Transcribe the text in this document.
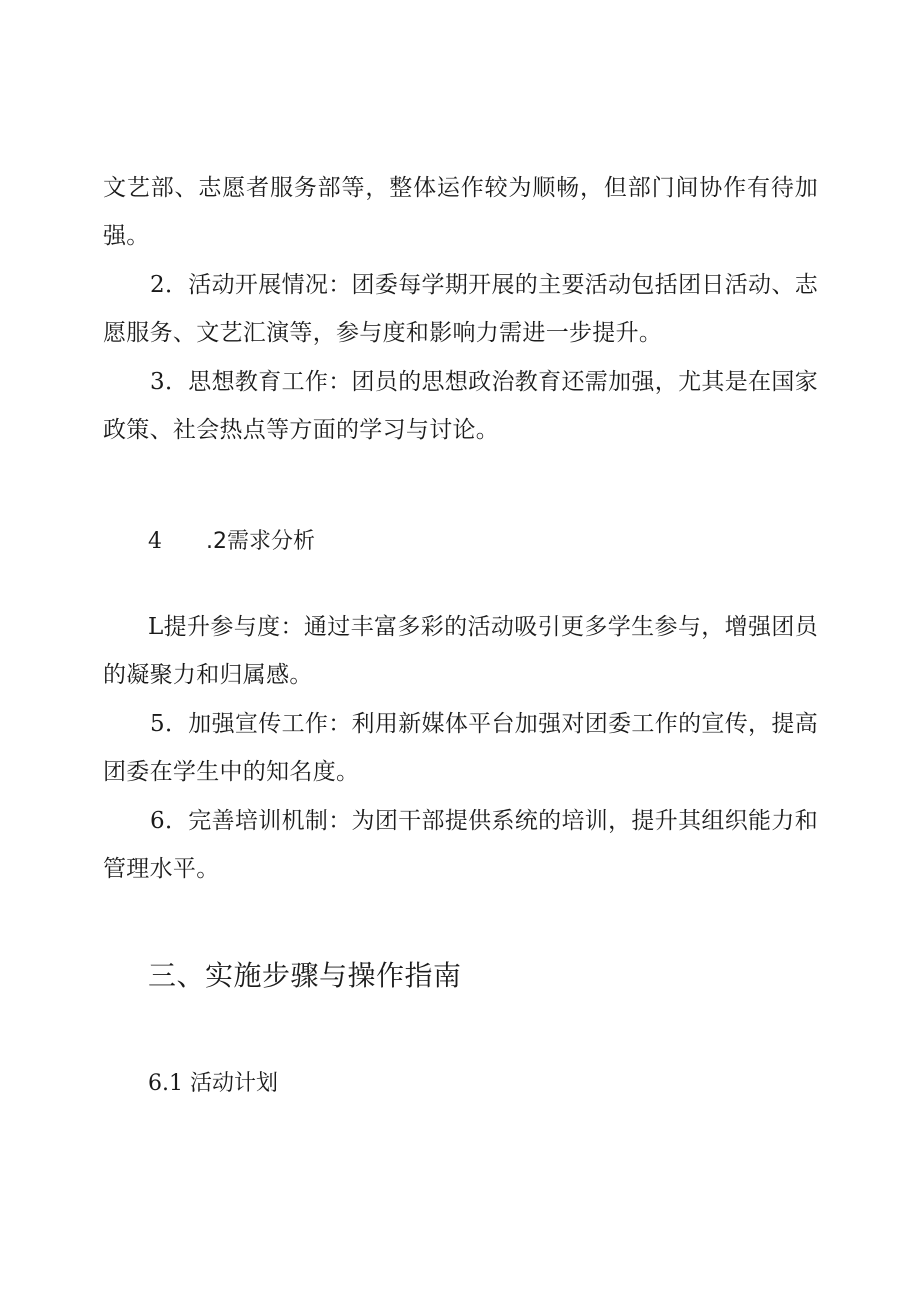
文艺部、志愿者服务部等，整体运作较为顺畅，但部门间协作有待加
强。
2．活动开展情况：团委每学期开展的主要活动包括团日活动、志
愿服务、文艺汇演等，参与度和影响力需进一步提升。
3．思想教育工作：团员的思想政治教育还需加强，尤其是在国家
政策、社会热点等方面的学习与讨论。
4 .2需求分析
L提升参与度：通过丰富多彩的活动吸引更多学生参与，增强团员
的凝聚力和归属感。
5．加强宣传工作：利用新媒体平台加强对团委工作的宣传，提高
团委在学生中的知名度。
6．完善培训机制：为团干部提供系统的培训，提升其组织能力和
管理水平。
三、实施步骤与操作指南
6.1 活动计划
